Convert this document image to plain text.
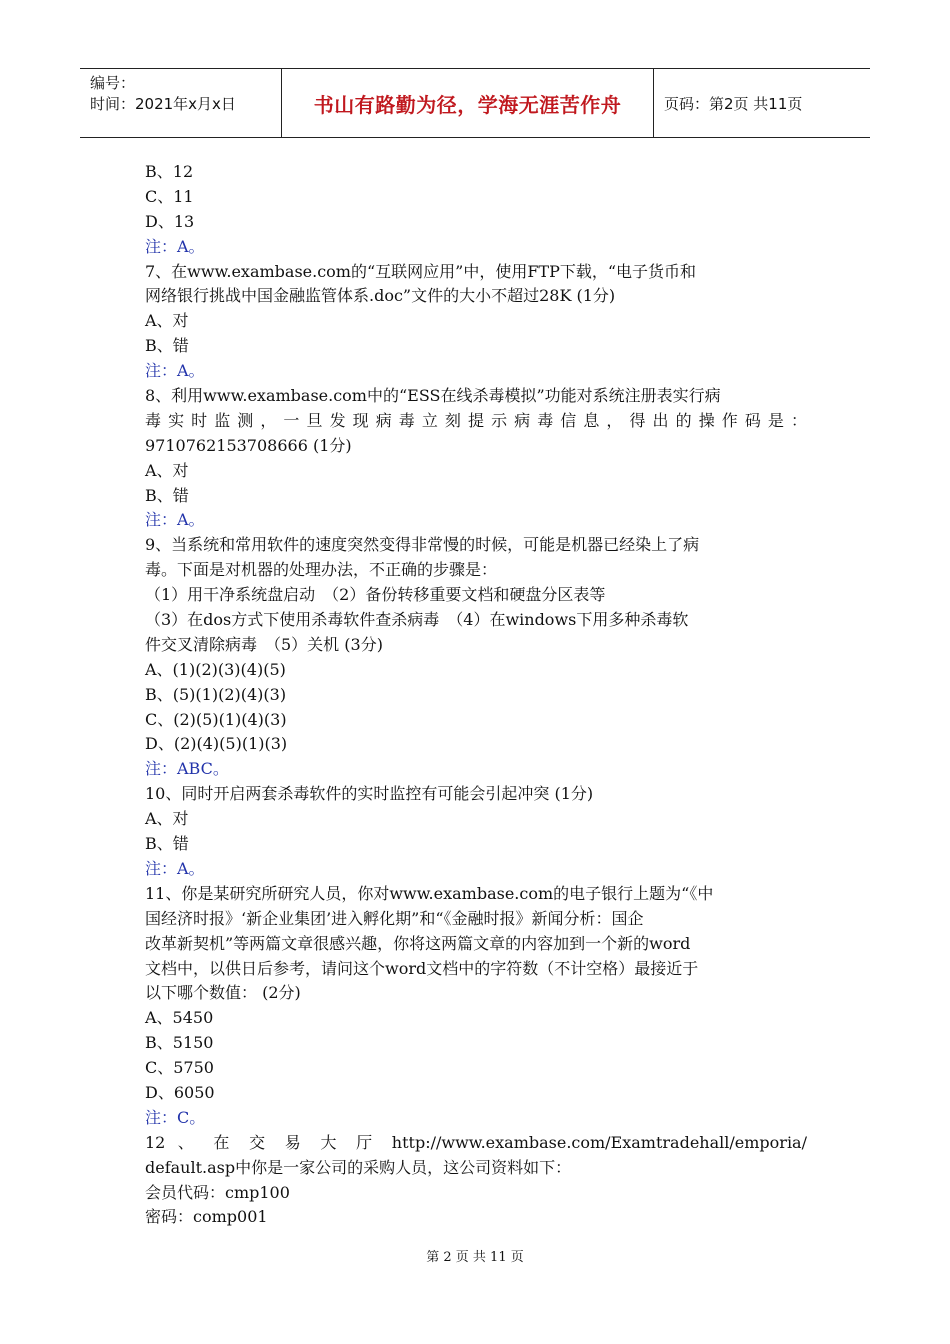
编号：
时间：2021年x月x日	书山有路勤为径，学海无涯苦作舟	页码：第2页 共11页
B、12
C、11
D、13
注：A。
7、在www.exambase.com的“互联网应用”中，使用FTP下载，“电子货币和
网络银行挑战中国金融监管体系.doc”文件的大小不超过28K (1分)
A、对
B、错
注：A。
8、利用www.exambase.com中的“ESS在线杀毒模拟”功能对系统注册表实行病
毒实时监测，一旦发现病毒立刻提示病毒信息，得出的操作码是：
9710762153708666 (1分)
A、对
B、错
注：A。
9、当系统和常用软件的速度突然变得非常慢的时候，可能是机器已经染上了病
毒。下面是对机器的处理办法，不正确的步骤是：
（1）用干净系统盘启动　（2）备份转移重要文档和硬盘分区表等
（3）在dos方式下使用杀毒软件查杀病毒　（4）在windows下用多种杀毒软
件交叉清除病毒　（5）关机 (3分)
A、(1)(2)(3)(4)(5)
B、(5)(1)(2)(4)(3)
C、(2)(5)(1)(4)(3)
D、(2)(4)(5)(1)(3)
注：ABC。
10、同时开启两套杀毒软件的实时监控有可能会引起冲突 (1分)
A、对
B、错
注：A。
11、你是某研究所研究人员，你对www.exambase.com的电子银行上题为“《中
国经济时报》‘新企业集团’进入孵化期”和“《金融时报》新闻分析：国企
改革新契机”等两篇文章很感兴趣，你将这两篇文章的内容加到一个新的word
文档中，以供日后参考，请问这个word文档中的字符数（不计空格）最接近于
以下哪个数值： (2分)
A、5450
B、5150
C、5750
D、6050
注：C。
12 、 在 交 易 大 厅 http://www.exambase.com/Examtradehall/emporia/
default.asp中你是一家公司的采购人员，这公司资料如下：
会员代码：cmp100
密码：comp001
第 2 页 共 11 页
